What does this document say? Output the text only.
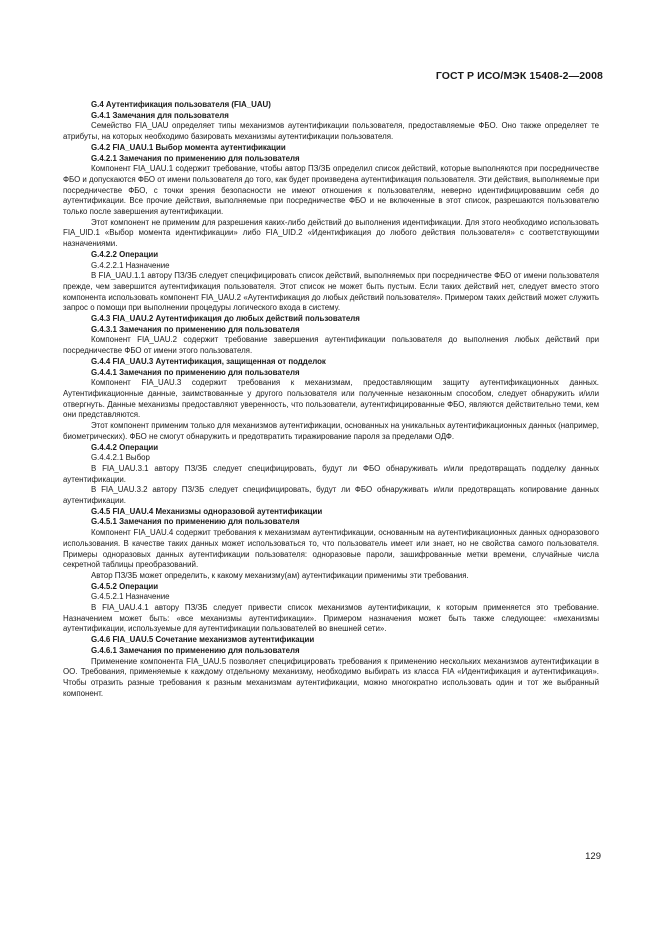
ГОСТ Р ИСО/МЭК 15408-2—2008

G.4 Аутентификация пользователя (FIA_UAU)

G.4.1 Замечания для пользователя

Семейство FIA_UAU определяет типы механизмов аутентификации пользователя, предоставляемые ФБО. Оно также определяет те атрибуты, на которых необходимо базировать механизмы аутентификации пользователя.

G.4.2 FIA_UAU.1 Выбор момента аутентификации

G.4.2.1 Замечания по применению для пользователя

Компонент FIA_UAU.1 содержит требование, чтобы автор ПЗ/ЗБ определил список действий, которые выполняются при посредничестве ФБО и допускаются ФБО от имени пользователя до того, как будет произведена аутентификация пользователя. Эти действия, выполняемые при посредничестве ФБО, с точки зрения безопасности не имеют отношения к пользователям, неверно идентифицировавшим себя до аутентификации. Все прочие действия, выполняемые при посредничестве ФБО и не включенные в этот список, разрешаются пользователю только после завершения аутентификации.

Этот компонент не применим для разрешения каких-либо действий до выполнения идентификации. Для этого необходимо использовать FIA_UID.1 «Выбор момента идентификации» либо FIA_UID.2 «Идентификация до любого действия пользователя» с соответствующими назначениями.

G.4.2.2 Операции

G.4.2.2.1 Назначение

В FIA_UAU.1.1 автору ПЗ/ЗБ следует специфицировать список действий, выполняемых при посредничестве ФБО от имени пользователя прежде, чем завершится аутентификация пользователя. Этот список не может быть пустым. Если таких действий нет, следует вместо этого компонента использовать компонент FIA_UAU.2 «Аутентификация до любых действий пользователя». Примером таких действий может служить запрос о помощи при выполнении процедуры логического входа в систему.

G.4.3 FIA_UAU.2 Аутентификация до любых действий пользователя

G.4.3.1 Замечания по применению для пользователя

Компонент FIA_UAU.2 содержит требование завершения аутентификации пользователя до выполнения любых действий при посредничестве ФБО от имени этого пользователя.

G.4.4 FIA_UAU.3 Аутентификация, защищенная от подделок

G.4.4.1 Замечания по применению для пользователя

Компонент FIA_UAU.3 содержит требования к механизмам, предоставляющим защиту аутентификационных данных. Аутентификационные данные, заимствованные у другого пользователя или полученные незаконным способом, следует обнаружить и/или отвергнуть. Данные механизмы предоставляют уверенность, что пользователи, аутентифицированные ФБО, являются действительно теми, кем они представляются.

Этот компонент применим только для механизмов аутентификации, основанных на уникальных аутентификационных данных (например, биометрических). ФБО не смогут обнаружить и предотвратить тиражирование пароля за пределами ОДФ.

G.4.4.2 Операции

G.4.4.2.1 Выбор

В FIA_UAU.3.1 автору ПЗ/ЗБ следует специфицировать, будут ли ФБО обнаруживать и/или предотвращать подделку данных аутентификации.

В FIA_UAU.3.2 автору ПЗ/ЗБ следует специфицировать, будут ли ФБО обнаруживать и/или предотвращать копирование данных аутентификации.

G.4.5 FIA_UAU.4 Механизмы одноразовой аутентификации

G.4.5.1 Замечания по применению для пользователя

Компонент FIA_UAU.4 содержит требования к механизмам аутентификации, основанным на аутентификационных данных одноразового использования. В качестве таких данных может использоваться то, что пользователь имеет или знает, но не свойства самого пользователя. Примеры одноразовых данных аутентификации пользователя: одноразовые пароли, зашифрованные метки времени, случайные числа секретной таблицы преобразований.

Автор ПЗ/ЗБ может определить, к какому механизму(ам) аутентификации применимы эти требования.

G.4.5.2 Операции

G.4.5.2.1 Назначение

В FIA_UAU.4.1 автору ПЗ/ЗБ следует привести список механизмов аутентификации, к которым применяется это требование. Назначением может быть: «все механизмы аутентификации». Примером назначения может быть также следующее: «механизмы аутентификации, используемые для аутентификации пользователей во внешней сети».

G.4.6 FIA_UAU.5 Сочетание механизмов аутентификации

G.4.6.1 Замечания по применению для пользователя

Применение компонента FIA_UAU.5 позволяет специфицировать требования к применению нескольких механизмов аутентификации в ОО. Требования, применяемые к каждому отдельному механизму, необходимо выбирать из класса FIA «Идентификация и аутентификация». Чтобы отразить разные требования к разным механизмам аутентификации, можно многократно использовать один и тот же выбранный компонент.

129
